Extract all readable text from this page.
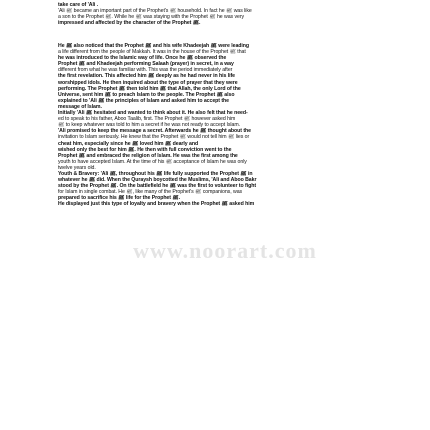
take care of 'Ali .
'Ali ﷺ became an important part of the Prophet's ﷺ household. In fact he ﷺ was like
a son to the Prophet ﷺ. While he ﷺ was staying with the Prophet ﷺ he was very
impressed and affected by the character of the Prophet ﷺ.
He ﷺ also noticed that the Prophet ﷺ and his wife Khadeejah ﷺ were leading
a life different from the people of Makkah. It was in the house of the Prophet ﷺ that
he was introduced to the Islamic way of life. Once he ﷺ observed the
Prophet ﷺ and Khadeejah performing Salaah (prayer) in secret, in a way
different from what he was familiar with. This was the period immediately after
the first revelation. This affected him ﷺ deeply as he had never in his life
worshipped idols. He then inquired about the type of prayer that they were
performing. The Prophet ﷺ then told him ﷺ that Allah, the only Lord of the
Universe, sent him ﷺ to preach Islam to the people. The Prophet ﷺ also
explained to 'Ali ﷺ the principles of Islam and asked him to accept the
message of Islam.
Initially 'Ali ﷺ hesitated and wanted to think about it. He also felt that he need-
ed to speak to his father, Aboo Taalib, first. The Prophet ﷺ however asked him
ﷺ to keep whatever was told to him a secret if he was not ready to accept Islam.
'Ali promised to keep the message a secret. Afterwards he ﷺ thought about the
invitation to Islam seriously. He knew that the Prophet ﷺ would not tell him ﷺ lies or
cheat him, especially since he ﷺ loved him ﷺ dearly and
wished only the best for him ﷺ. He then with full conviction went to the
Prophet ﷺ and embraced the religion of Islam. He was the first among the
youth to have accepted Islam. At the time of his ﷺ acceptance of Islam he was only
twelve years old.
Youth & Bravery: 'Ali ﷺ, throughout his ﷺ life fully supported the Prophet ﷺ in
whatever he ﷺ did. When the Quraysh boycotted the Muslims, 'Ali and Aboo Bakr
stood by the Prophet ﷺ. On the battlefield he ﷺ was the first to volunteer to fight
for Islam in single combat. He ﷺ, like many of the Prophet's ﷺ companions, was
prepared to sacrifice his ﷺ life for the Prophet ﷺ.
He displayed just this type of loyalty and bravery when the Prophet ﷺ asked him
www.noorart.com
